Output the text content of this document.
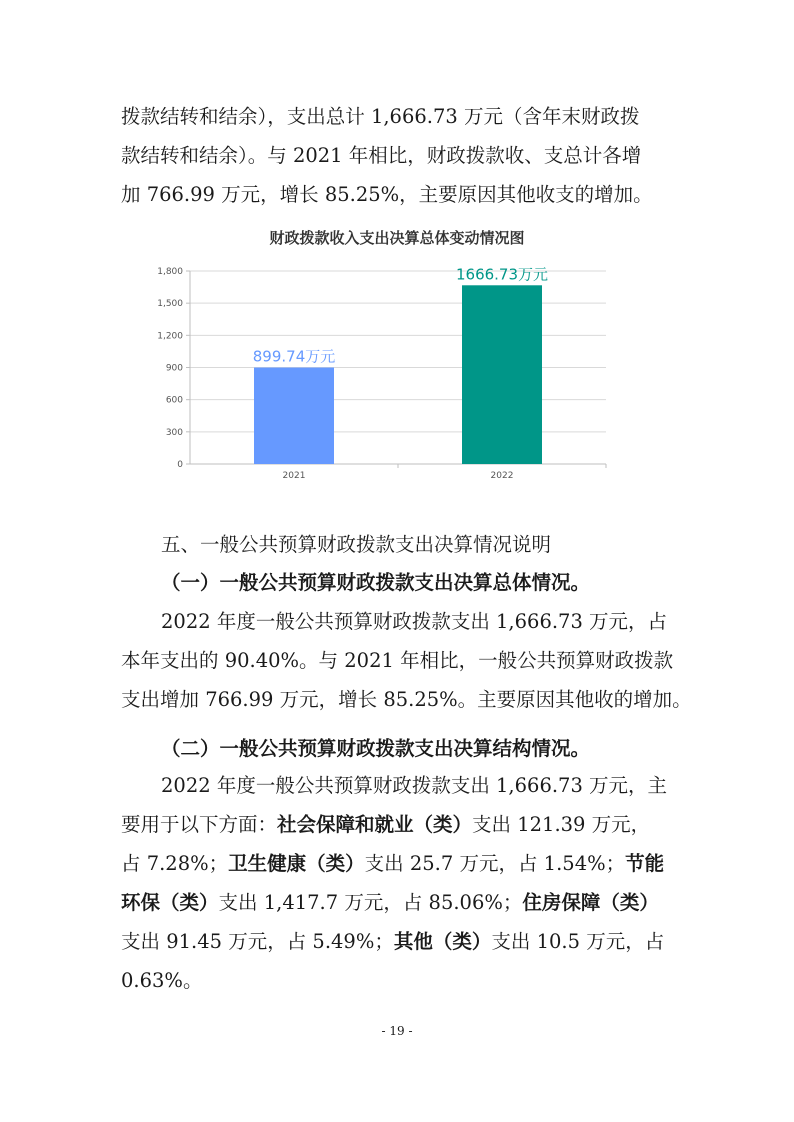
拨款结转和结余），支出总计 1,666.73 万元（含年末财政拨
款结转和结余）。与 2021 年相比，财政拨款收、支总计各增
加 766.99 万元，增长 85.25%，主要原因其他收支的增加。

财政拨款收入支出决算总体变动情况图
0
300
600
900
1,200
1,500
1,800
899.74万元
2021
1666.73万元
2022
五、一般公共预算财政拨款支出决算情况说明
（一）一般公共预算财政拨款支出决算总体情况。

2022 年度一般公共预算财政拨款支出 1,666.73 万元，占
本年支出的 90.40%。与 2021 年相比，一般公共预算财政拨款
支出增加 766.99 万元，增长 85.25%。主要原因其他收的增加。

（二）一般公共预算财政拨款支出决算结构情况。

2022 年度一般公共预算财政拨款支出 1,666.73 万元，主
要用于以下方面：社会保障和就业（类）支出 121.39 万元，
占 7.28%；卫生健康（类）支出 25.7 万元，占 1.54%；节能
环保（类）支出 1,417.7 万元，占 85.06%；住房保障（类）
支出 91.45 万元，占 5.49%；其他（类）支出 10.5 万元，占
0.63%。

- 19 -
